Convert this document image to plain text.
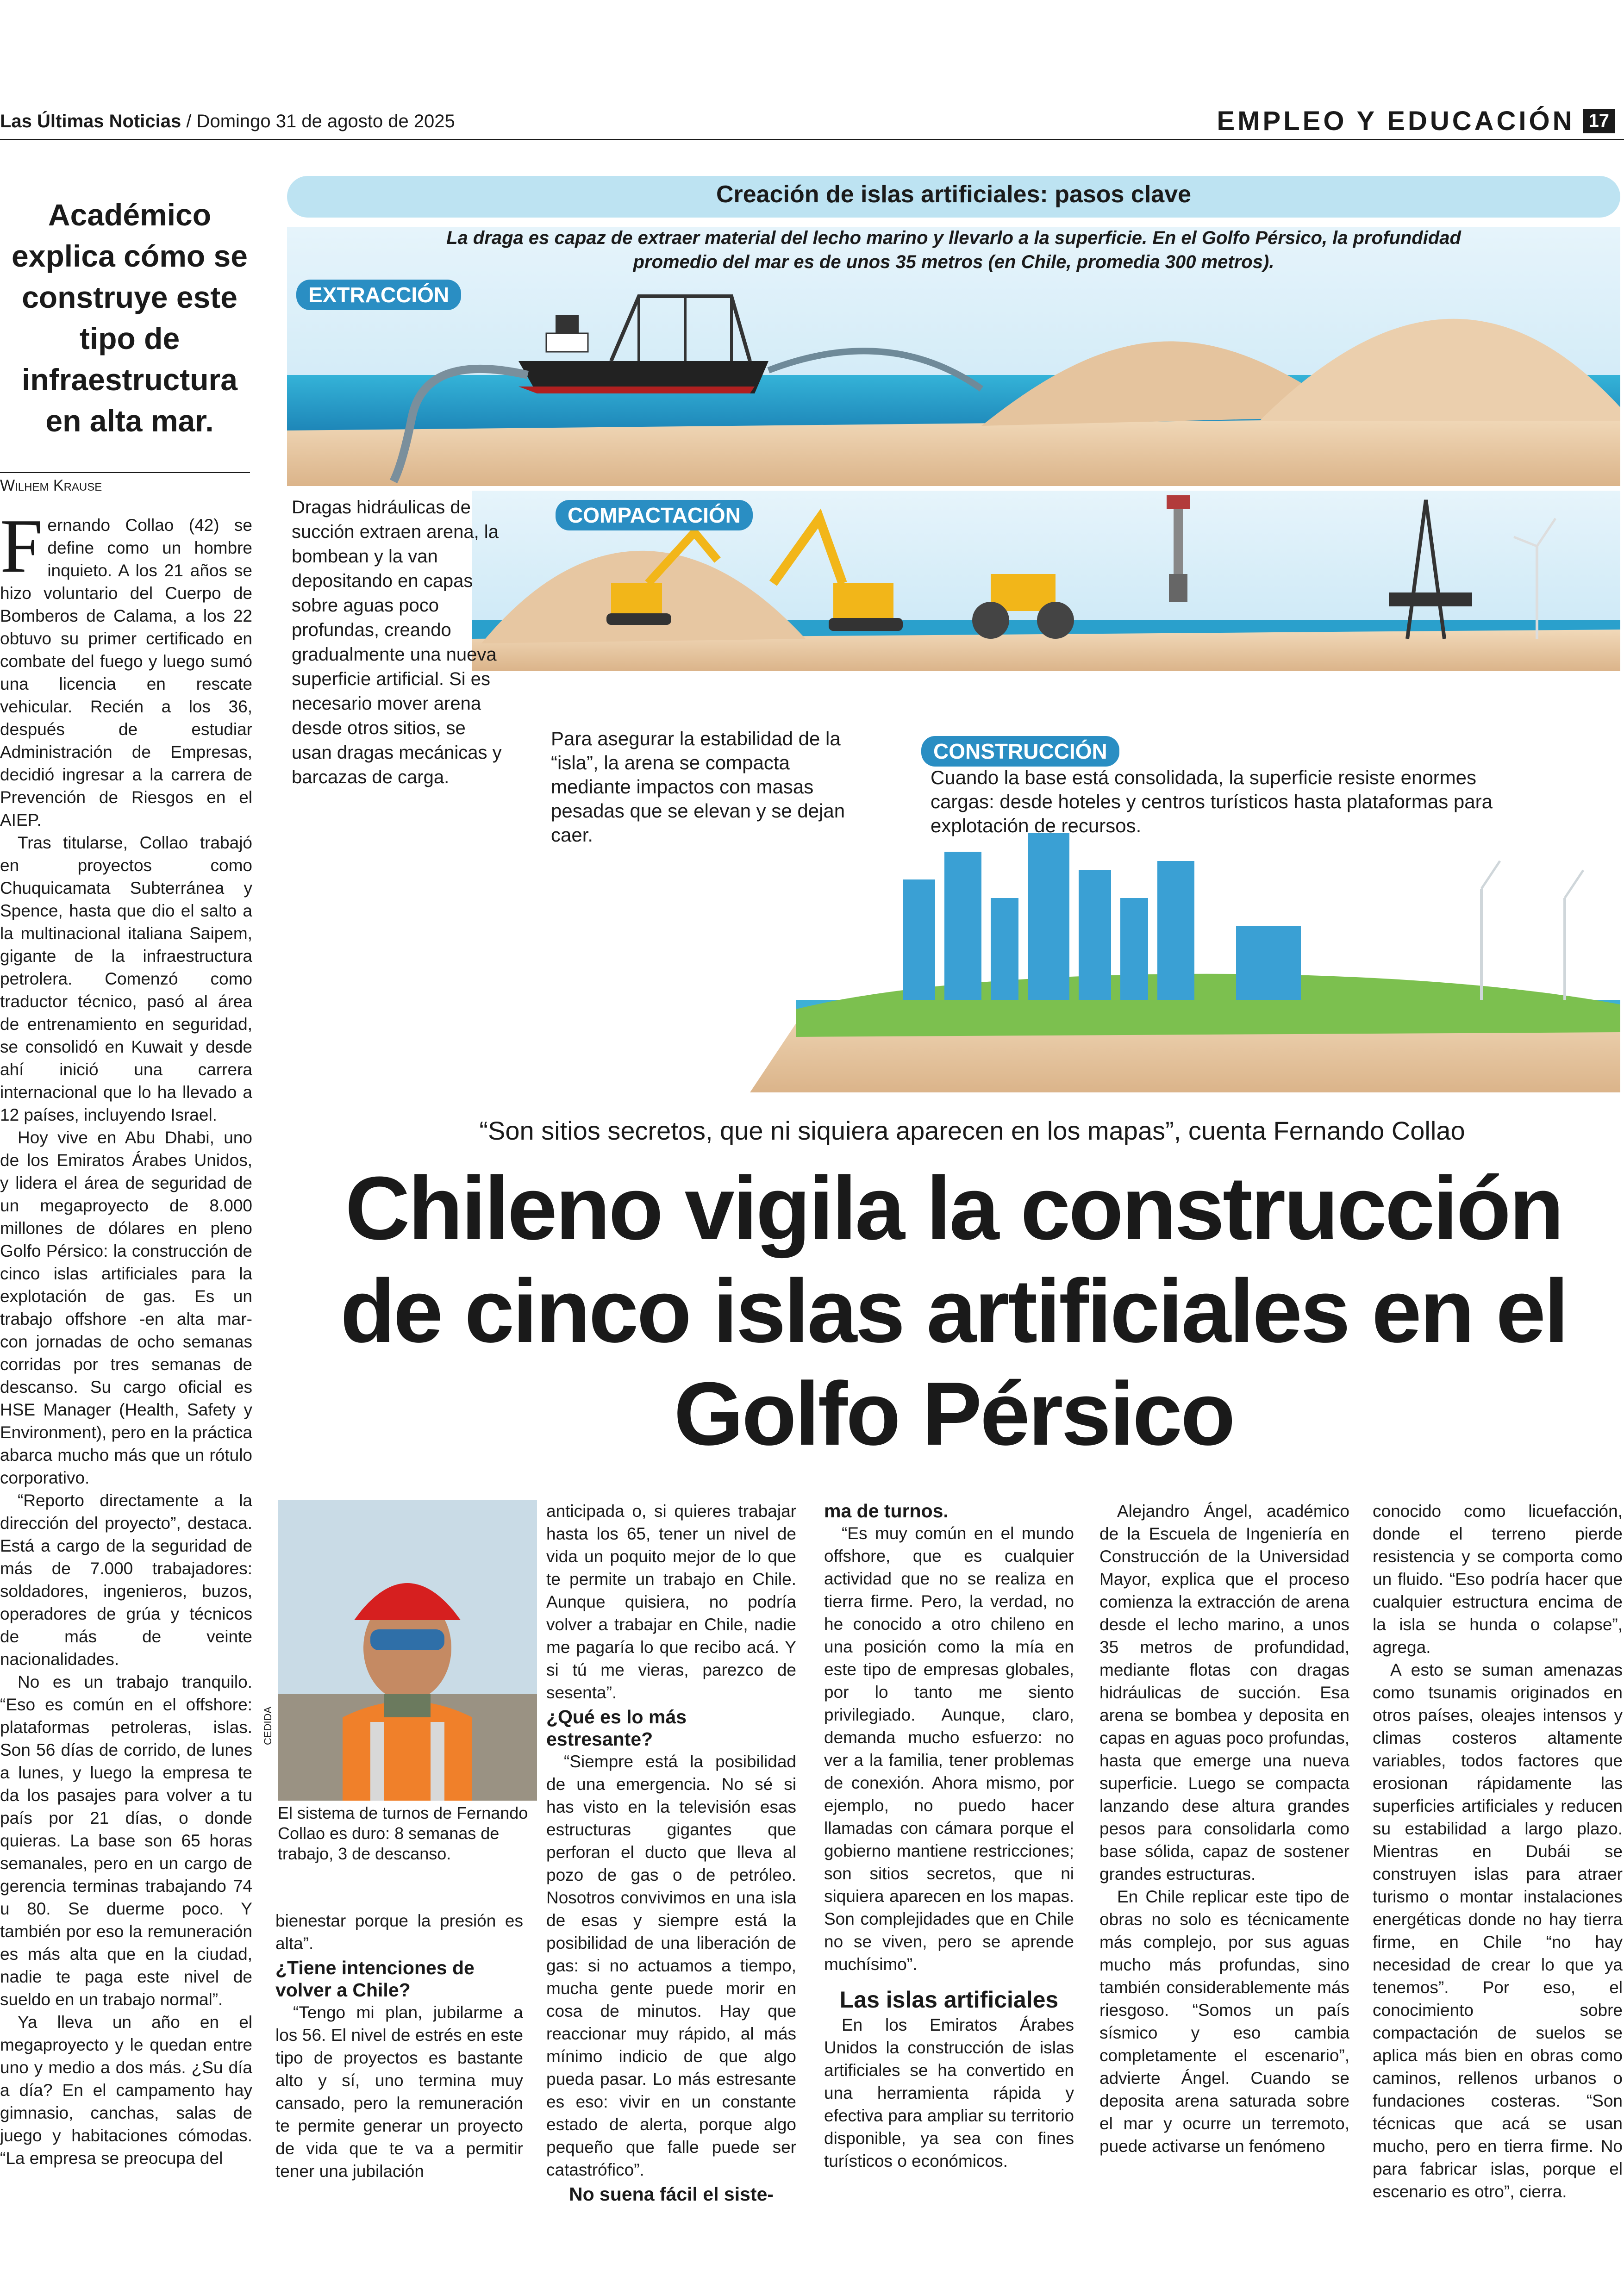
Las Últimas Noticias / Domingo 31 de agosto de 2025	EMPLEO Y EDUCACIÓN 17
Académico explica cómo se construye este tipo de infraestructura en alta mar.
Wilhem Krause
Creación de islas artificiales: pasos clave
La draga es capaz de extraer material del lecho marino y llevarlo a la superficie. En el Golfo Pérsico, la profundidad promedio del mar es de unos 35 metros (en Chile, promedia 300 metros).
EXTRACCIÓN
Dragas hidráulicas de succión extraen arena, la bombean y la van depositando en capas sobre aguas poco profundas, creando gradualmente una nueva superficie artificial. Si es necesario mover arena desde otros sitios, se usan dragas mecánicas y barcazas de carga.
COMPACTACIÓN
Para asegurar la estabilidad de la “isla”, la arena se compacta mediante impactos con masas pesadas que se elevan y se dejan caer.
CONSTRUCCIÓN
Cuando la base está consolidada, la superficie resiste enormes cargas: desde hoteles y centros turísticos hasta plataformas para explotación de recursos.
“Son sitios secretos, que ni siquiera aparecen en los mapas”, cuenta Fernando Collao
Chileno vigila la construcción de cinco islas artificiales en el Golfo Pérsico
F ernando Collao (42) se define como un hombre inquieto. A los 21 años se hizo voluntario del Cuerpo de Bomberos de Calama, a los 22 obtuvo su primer certificado en combate del fuego y luego sumó una licencia en rescate vehicular. Recién a los 36, después de estudiar Administración de Empresas, decidió ingresar a la carrera de Prevención de Riesgos en el AIEP.

Tras titularse, Collao trabajó en proyectos como Chuquicamata Subterránea y Spence, hasta que dio el salto a la multinacional italiana Saipem, gigante de la infraestructura petrolera. Comenzó como traductor técnico, pasó al área de entrenamiento en seguridad, se consolidó en Kuwait y desde ahí inició una carrera internacional que lo ha llevado a 12 países, incluyendo Israel.

Hoy vive en Abu Dhabi, uno de los Emiratos Árabes Unidos, y lidera el área de seguridad de un megaproyecto de 8.000 millones de dólares en pleno Golfo Pérsico: la construcción de cinco islas artificiales para la explotación de gas. Es un trabajo offshore -en alta mar- con jornadas de ocho semanas corridas por tres semanas de descanso. Su cargo oficial es HSE Manager (Health, Safety y Environment), pero en la práctica abarca mucho más que un rótulo corporativo.

“Reporto directamente a la dirección del proyecto”, destaca. Está a cargo de la seguridad de más de 7.000 trabajadores: soldadores, ingenieros, buzos, operadores de grúa y técnicos de más de veinte nacionalidades.

No es un trabajo tranquilo. “Eso es común en el offshore: plataformas petroleras, islas. Son 56 días de corrido, de lunes a lunes, y luego la empresa te da los pasajes para volver a tu país por 21 días, o donde quieras. La base son 65 horas semanales, pero en un cargo de gerencia terminas trabajando 74 u 80. Se duerme poco. Y también por eso la remuneración es más alta que en la ciudad, nadie te paga este nivel de sueldo en un trabajo normal”.

Ya lleva un año en el megaproyecto y le quedan entre uno y medio a dos más. ¿Su día a día? En el campamento hay gimnasio, canchas, salas de juego y habitaciones cómodas. “La empresa se preocupa del

CEDIDA
El sistema de turnos de Fernando Collao es duro: 8 semanas de trabajo, 3 de descanso.

bienestar porque la presión es alta”.

¿Tiene intenciones de volver a Chile?

“Tengo mi plan, jubilarme a los 56. El nivel de estrés en este tipo de proyectos es bastante alto y sí, uno termina muy cansado, pero la remuneración te permite generar un proyecto de vida que te va a permitir tener una jubilación

anticipada o, si quieres trabajar hasta los 65, tener un nivel de vida un poquito mejor de lo que te permite un trabajo en Chile. Aunque quisiera, no podría volver a trabajar en Chile, nadie me pagaría lo que recibo acá. Y si tú me vieras, parezco de sesenta”.

¿Qué es lo más estresante?

“Siempre está la posibilidad de una emergencia. No sé si has visto en la televisión esas estructuras gigantes que perforan el ducto que lleva al pozo de gas o de petróleo. Nosotros convivimos en una isla de esas y siempre está la posibilidad de una liberación de gas: si no actuamos a tiempo, mucha gente puede morir en cosa de minutos. Hay que reaccionar muy rápido, al más mínimo indicio de que algo pueda pasar. Lo más estresante es eso: vivir en un constante estado de alerta, porque algo pequeño que falle puede ser catastrófico”.

No suena fácil el siste-
ma de turnos.

“Es muy común en el mundo offshore, que es cualquier actividad que no se realiza en tierra firme. Pero, la verdad, no he conocido a otro chileno en una posición como la mía en este tipo de empresas globales, por lo tanto me siento privilegiado. Aunque, claro, demanda mucho esfuerzo: no ver a la familia, tener problemas de conexión. Ahora mismo, por ejemplo, no puedo hacer llamadas con cámara porque el gobierno mantiene restricciones; son sitios secretos, que ni siquiera aparecen en los mapas. Son complejidades que en Chile no se viven, pero se aprende muchísimo”.

Las islas artificiales

En los Emiratos Árabes Unidos la construcción de islas artificiales se ha convertido en una herramienta rápida y efectiva para ampliar su territorio disponible, ya sea con fines turísticos o económicos.

Alejandro Ángel, académico de la Escuela de Ingeniería en Construcción de la Universidad Mayor, explica que el proceso comienza la extracción de arena desde el lecho marino, a unos 35 metros de profundidad, mediante flotas con dragas hidráulicas de succión. Esa arena se bombea y deposita en capas en aguas poco profundas, hasta que emerge una nueva superficie. Luego se compacta lanzando dese altura grandes pesos para consolidarla como base sólida, capaz de sostener grandes estructuras.

En Chile replicar este tipo de obras no solo es técnicamente más complejo, por sus aguas mucho más profundas, sino también considerablemente más riesgoso. “Somos un país sísmico y eso cambia completamente el escenario”, advierte Ángel. Cuando se deposita arena saturada sobre el mar y ocurre un terremoto, puede activarse un fenómeno

conocido como licuefacción, donde el terreno pierde resistencia y se comporta como un fluido. “Eso podría hacer que cualquier estructura encima de la isla se hunda o colapse”, agrega.

A esto se suman amenazas como tsunamis originados en otros países, oleajes intensos y climas costeros altamente variables, todos factores que erosionan rápidamente las superficies artificiales y reducen su estabilidad a largo plazo. Mientras en Dubái se construyen islas para atraer turismo o montar instalaciones energéticas donde no hay tierra firme, en Chile “no hay necesidad de crear lo que ya tenemos”. Por eso, el conocimiento sobre compactación de suelos se aplica más bien en obras como caminos, rellenos urbanos o fundaciones costeras. “Son técnicas que acá se usan mucho, pero en tierra firme. No para fabricar islas, porque el escenario es otro”, cierra.
